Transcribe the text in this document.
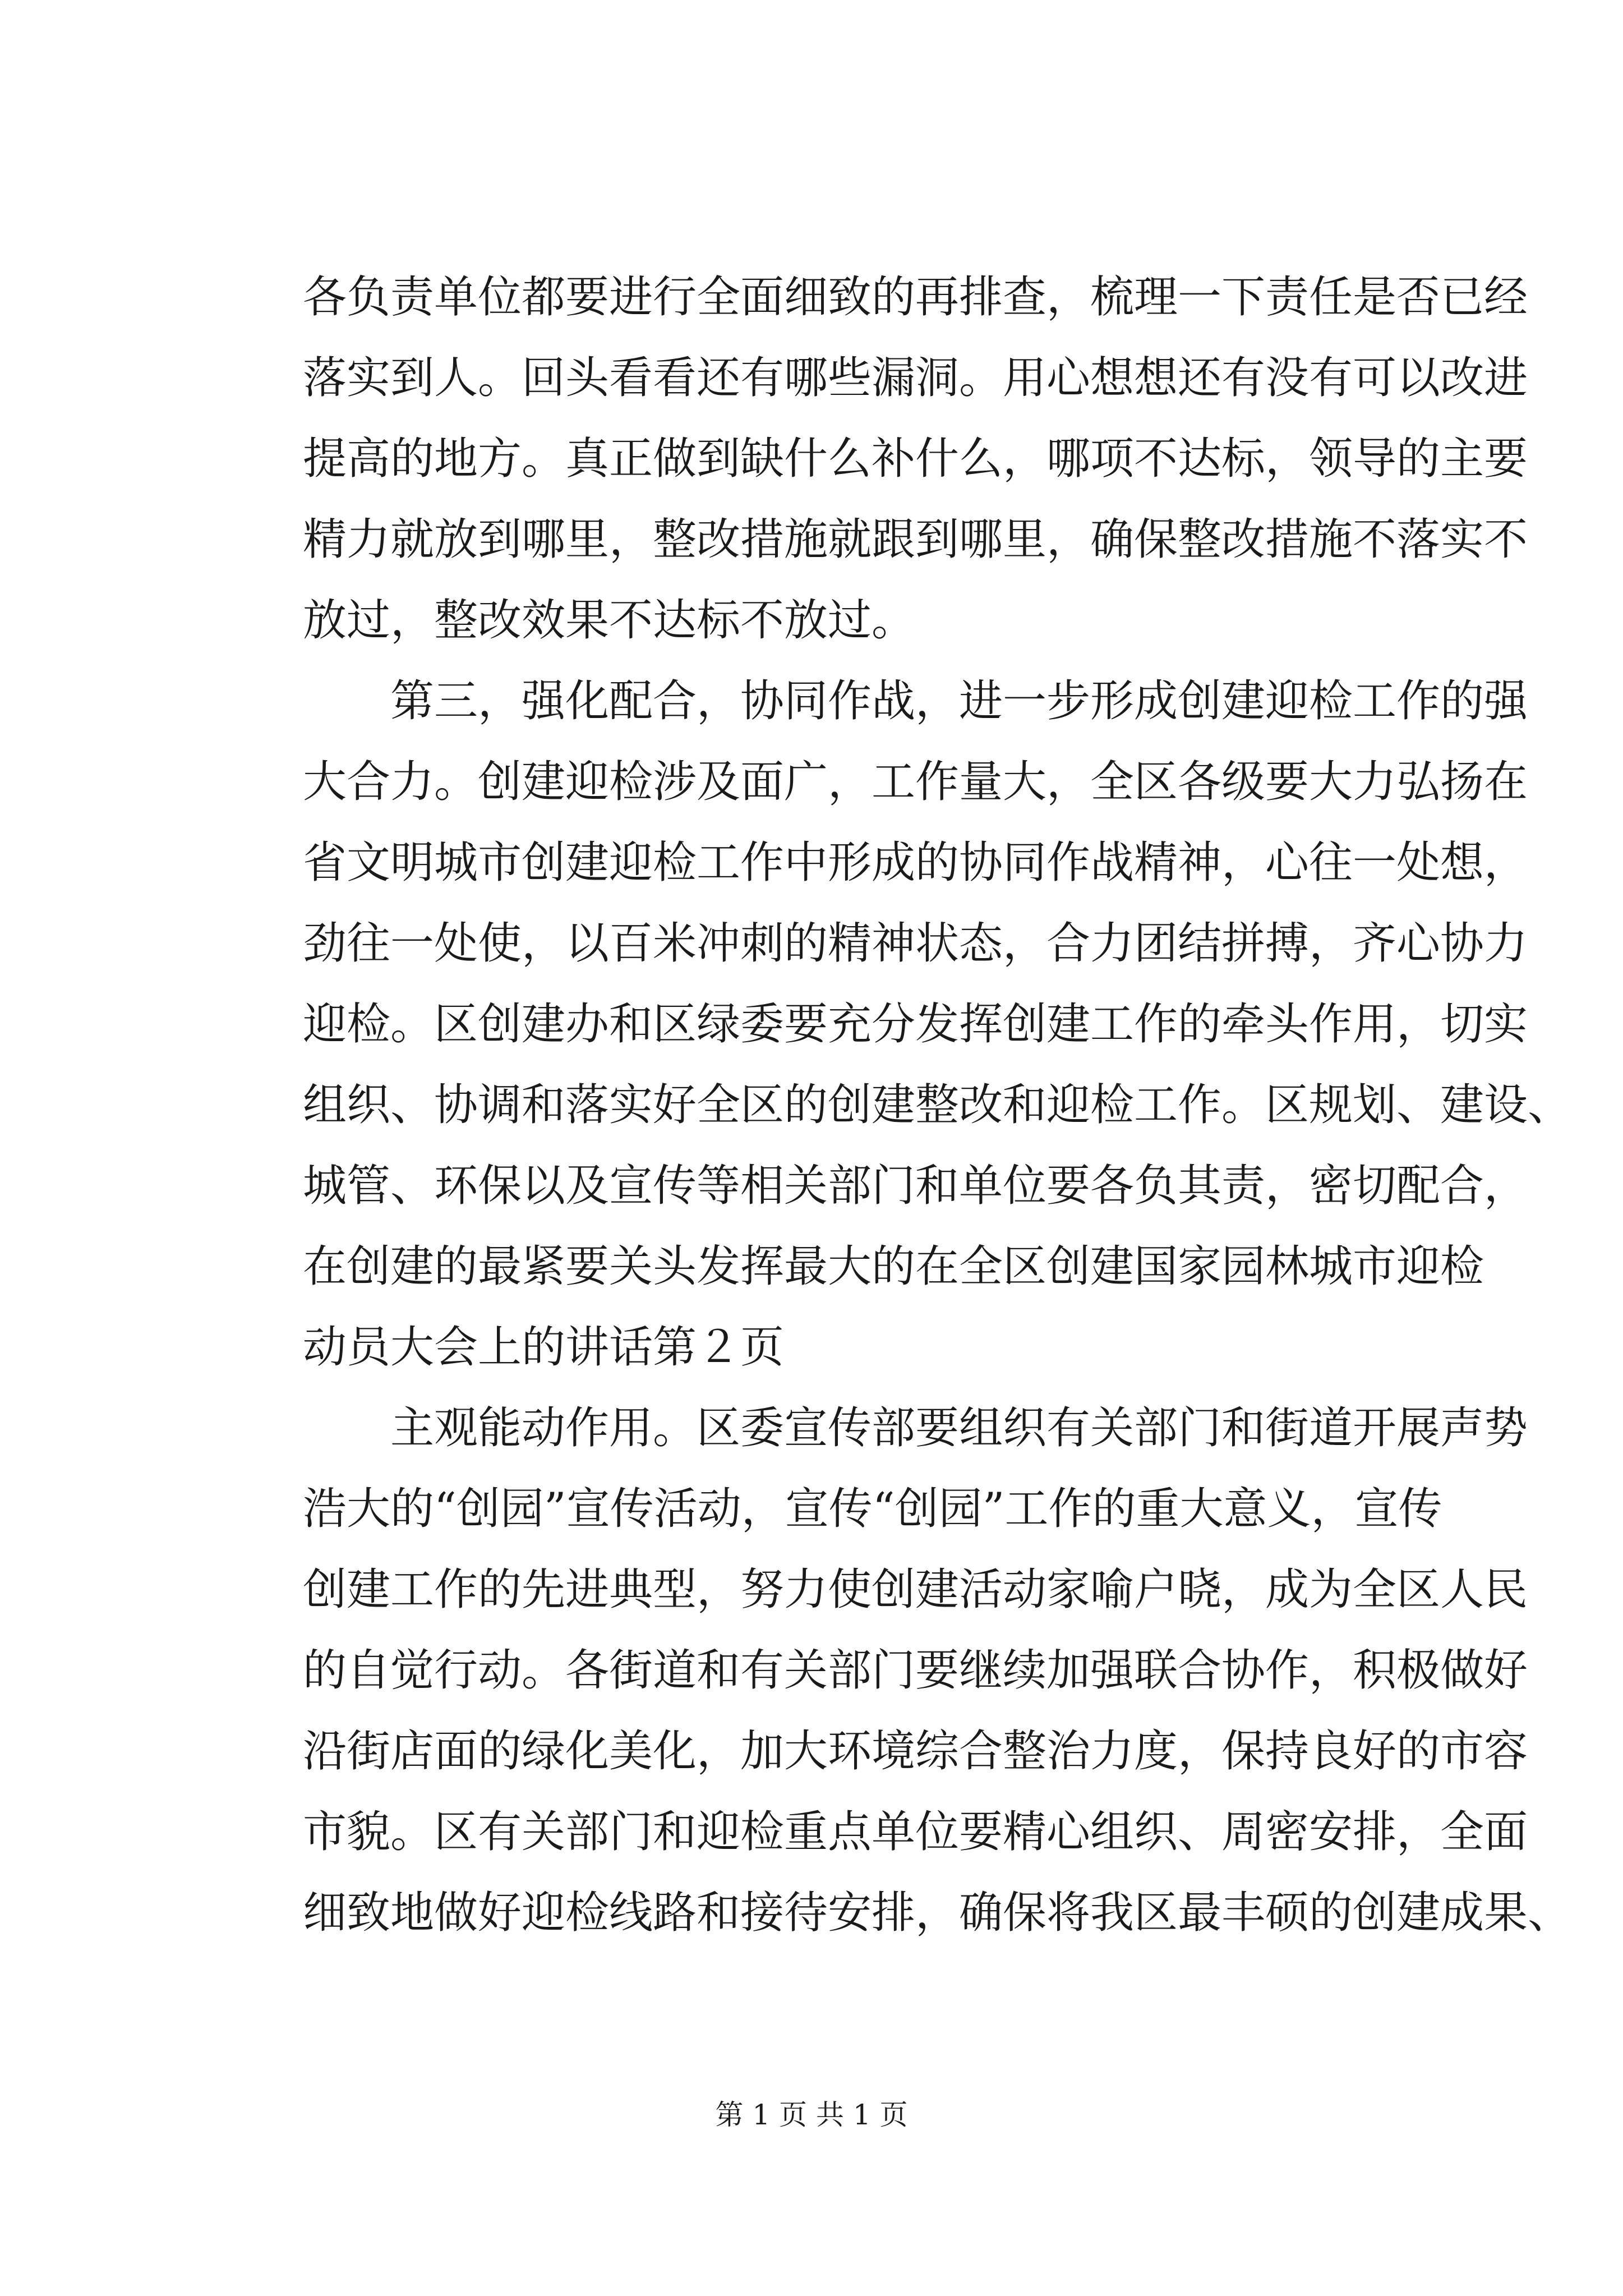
各负责单位都要进行全面细致的再排查，梳理一下责任是否已经
落实到人。回头看看还有哪些漏洞。用心想想还有没有可以改进
提高的地方。真正做到缺什么补什么，哪项不达标，领导的主要
精力就放到哪里，整改措施就跟到哪里，确保整改措施不落实不
放过，整改效果不达标不放过。
　　第三，强化配合，协同作战，进一步形成创建迎检工作的强
大合力。创建迎检涉及面广，工作量大，全区各级要大力弘扬在
省文明城市创建迎检工作中形成的协同作战精神，心往一处想，
劲往一处使，以百米冲刺的精神状态，合力团结拼搏，齐心协力
迎检。区创建办和区绿委要充分发挥创建工作的牵头作用，切实
组织、协调和落实好全区的创建整改和迎检工作。区规划、建设、
城管、环保以及宣传等相关部门和单位要各负其责，密切配合，
在创建的最紧要关头发挥最大的在全区创建国家园林城市迎检
动员大会上的讲话第２页
　　主观能动作用。区委宣传部要组织有关部门和街道开展声势
浩大的“创园”宣传活动，宣传“创园”工作的重大意义，宣传
创建工作的先进典型，努力使创建活动家喻户晓，成为全区人民
的自觉行动。各街道和有关部门要继续加强联合协作，积极做好
沿街店面的绿化美化，加大环境综合整治力度，保持良好的市容
市貌。区有关部门和迎检重点单位要精心组织、周密安排，全面
细致地做好迎检线路和接待安排，确保将我区最丰硕的创建成果、
第 1 页 共 1 页
